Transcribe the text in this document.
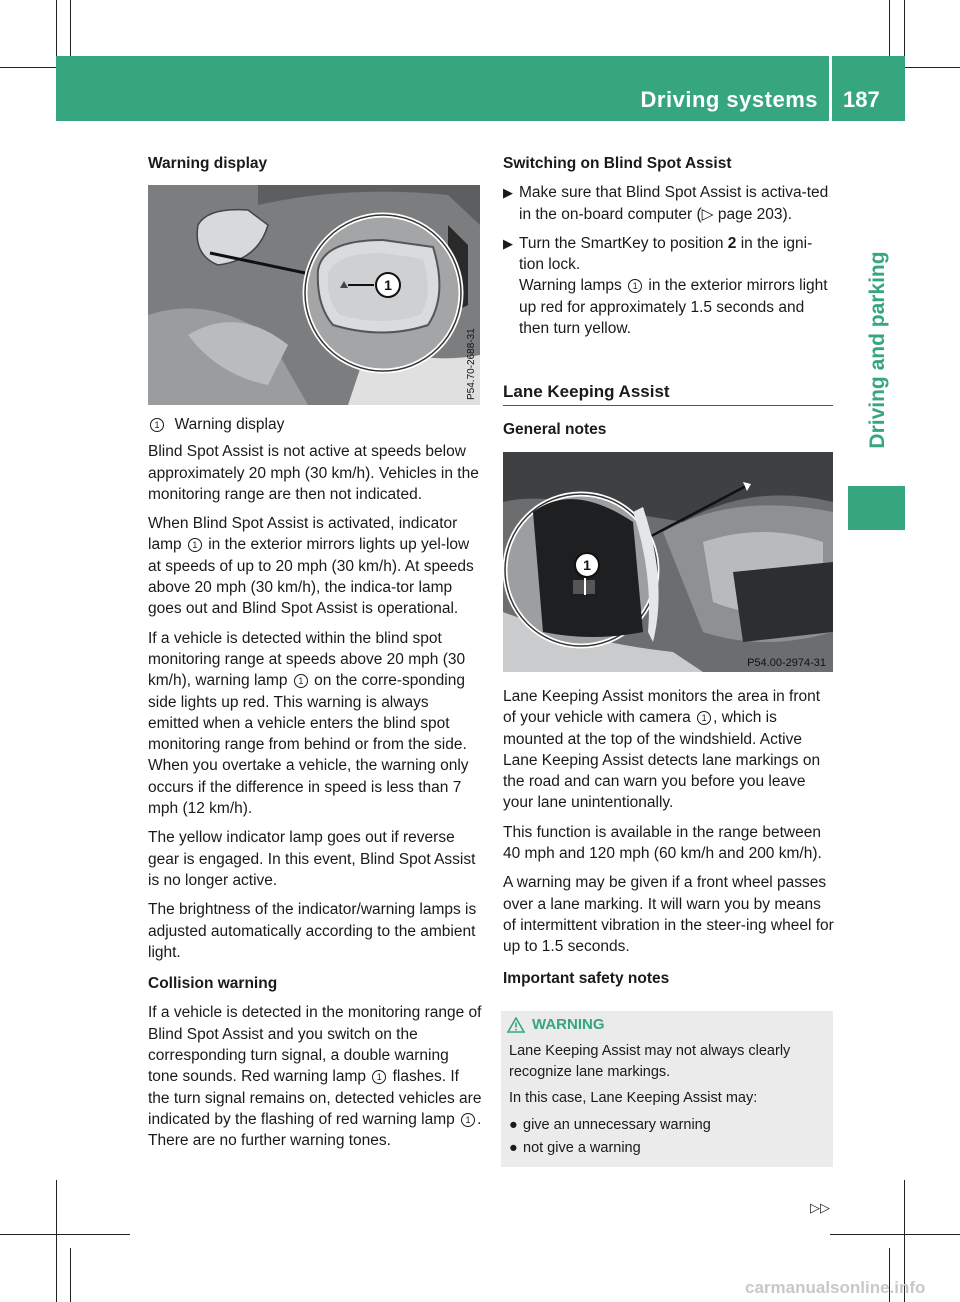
Driving systems 187
Driving and parking

Warning display

1
P54.70-2688-31

1 Warning display

Blind Spot Assist is not active at speeds below approximately 20 mph (30 km/h). Vehicles in the monitoring range are then not indicated.

When Blind Spot Assist is activated, indicator lamp 1 in the exterior mirrors lights up yel-low at speeds of up to 20 mph (30 km/h). At speeds above 20 mph (30 km/h), the indica-tor lamp goes out and Blind Spot Assist is operational.

If a vehicle is detected within the blind spot monitoring range at speeds above 20 mph (30 km/h), warning lamp 1 on the corre-sponding side lights up red. This warning is always emitted when a vehicle enters the blind spot monitoring range from behind or from the side. When you overtake a vehicle, the warning only occurs if the difference in speed is less than 7 mph (12 km/h).

The yellow indicator lamp goes out if reverse gear is engaged. In this event, Blind Spot Assist is no longer active.

The brightness of the indicator/warning lamps is adjusted automatically according to the ambient light.

Collision warning

If a vehicle is detected in the monitoring range of Blind Spot Assist and you switch on the corresponding turn signal, a double warning tone sounds. Red warning lamp 1 flashes. If the turn signal remains on, detected vehicles are indicated by the flashing of red warning lamp 1 . There are no further warning tones.

Switching on Blind Spot Assist

▶ Make sure that Blind Spot Assist is activa-ted in the on-board computer (▷ page 203).

▶ Turn the SmartKey to position 2 in the igni-tion lock.
Warning lamps 1 in the exterior mirrors light up red for approximately 1.5 seconds and then turn yellow.

Lane Keeping Assist
General notes
1
P54.00-2974-31

Lane Keeping Assist monitors the area in front of your vehicle with camera 1 , which is mounted at the top of the windshield. Active Lane Keeping Assist detects lane markings on the road and can warn you before you leave your lane unintentionally.

This function is available in the range between 40 mph and 120 mph (60 km/h and 200 km/h).

A warning may be given if a front wheel passes over a lane marking. It will warn you by means of intermittent vibration in the steer-ing wheel for up to 1.5 seconds.

Important safety notes

WARNING

Lane Keeping Assist may not always clearly recognize lane markings.

In this case, Lane Keeping Assist may:

● give an unnecessary warning

● not give a warning

▷▷
carmanualsonline.info
